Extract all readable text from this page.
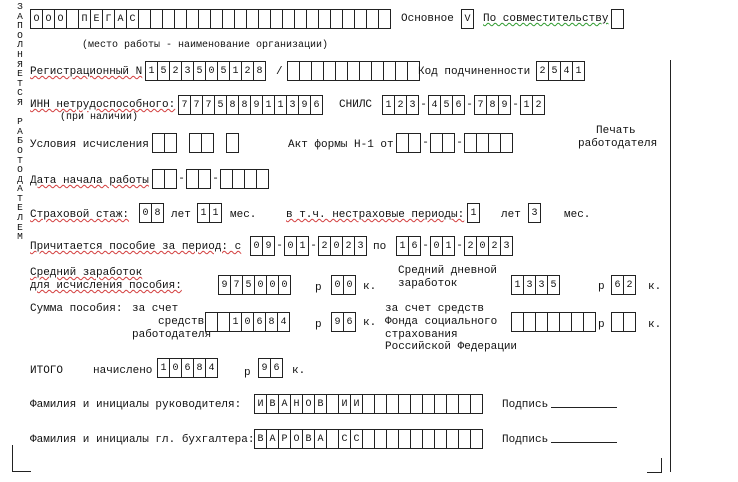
З
А
П
О
Л
Н
Я
Е
Т
С
Я

Р
А
Б
О
Т
О
Д
А
Т
Е
Л
Е
М
О О О	П Е Г А С	Основное	V	По совместительству
(место работы - наименование организации)
Регистрационный N 1 5 2 3 5 0 5 1 2 8	/	Код подчиненности 2 5 4 1
ИНН нетрудоспособного:
(при наличии)
7 7 7 5 8 8 9 1 1 3 9 6	СНИЛС	1 2 3 - 4 5 6 - 7 8 9 - 1 2
Условия исчисления	Акт формы Н-1 от	- -
Печать
работодателя
Дата начала работы	- -
Страховой стаж:	0 8 лет 1 1	мес.	в т.ч. нестраховые периоды: 1	лет	3	мес.
Причитается пособие за период: с	0 9 - 0 1 - 2 0 2 3 по	1 6 - 0 1 - 2 0 2 3
Средний заработок
для исчисления пособия:	9 7 5 0 0 0	р	0 0 к.
Средний дневной
заработок	1 3 3 5	р 6 2	к.
Сумма пособия: за счет
средств
работодателя
1 0 6 8 4	р	9 6 к.
за счет средств
Фонда социального
страхования
Российской Федерации
р	к.
ИТОГО	начислено 1 0 6 8 4	р	9 6	к.
Фамилия и инициалы руководителя:	И В А Н О В	И И	Подпись
Фамилия и инициалы гл. бухгалтера: В А Р О В А	С С	Подпись
